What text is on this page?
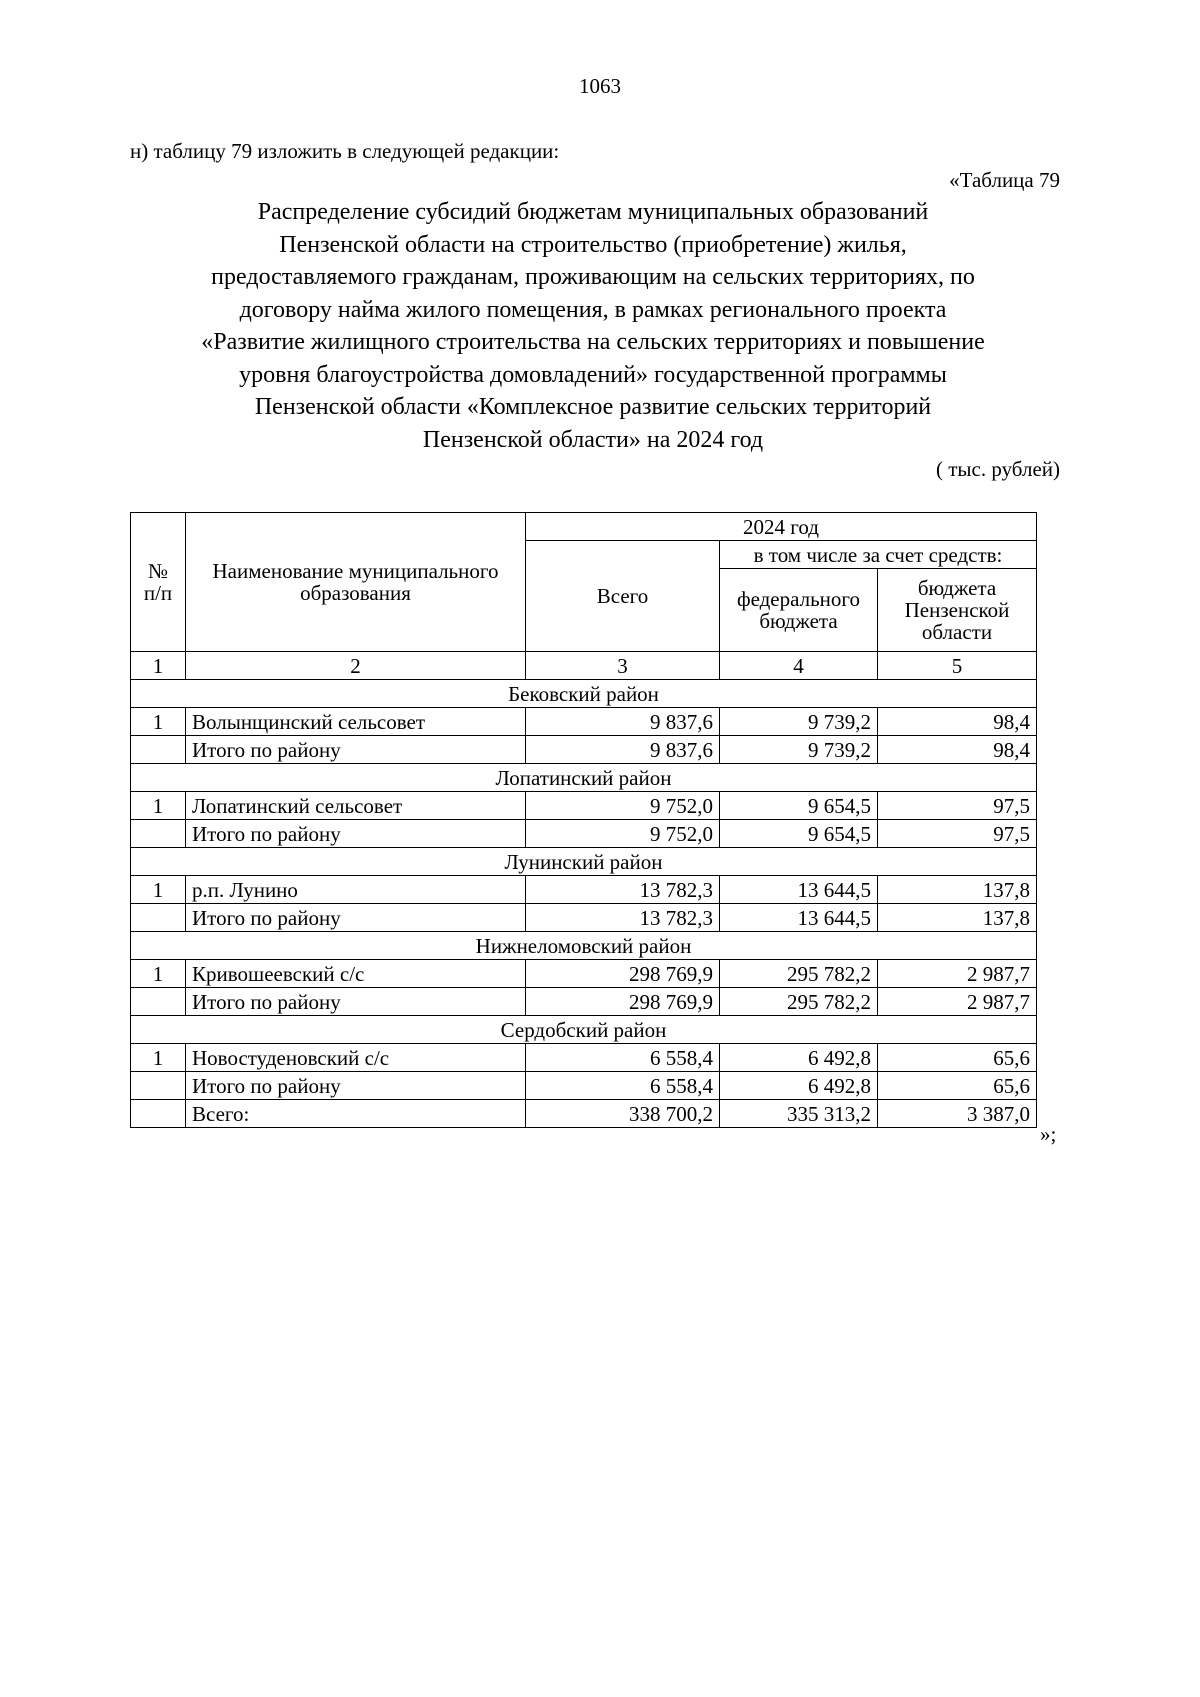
1063
н) таблицу 79 изложить в следующей редакции:
«Таблица 79
Распределение субсидий бюджетам муниципальных образований
Пензенской области на строительство (приобретение) жилья,
предоставляемого гражданам, проживающим на сельских территориях, по
договору найма жилого помещения, в рамках регионального проекта
«Развитие жилищного строительства на сельских территориях и повышение
уровня благоустройства домовладений» государственной программы
Пензенской области «Комплексное развитие сельских территорий
Пензенской области» на 2024 год
( тыс. рублей)
№ п/п	Наименование муниципального образования	2024 год		
		Всего	в том числе за счет средств:	
			федерального бюджета	бюджета Пензенской области
1	2	3	4	5
Бековский район				
1	Волынщинский сельсовет	9 837,6	9 739,2	98,4
	Итого по району	9 837,6	9 739,2	98,4
Лопатинский район				
1	Лопатинский сельсовет	9 752,0	9 654,5	97,5
	Итого по району	9 752,0	9 654,5	97,5
Лунинский район				
1	р.п. Лунино	13 782,3	13 644,5	137,8
	Итого по району	13 782,3	13 644,5	137,8
Нижнеломовский район				
1	Кривошеевский с/с	298 769,9	295 782,2	2 987,7
	Итого по району	298 769,9	295 782,2	2 987,7
Сердобский район				
1	Новостуденовский с/с	6 558,4	6 492,8	65,6
	Итого по району	6 558,4	6 492,8	65,6
	Всего:	338 700,2	335 313,2	3 387,0
»;
